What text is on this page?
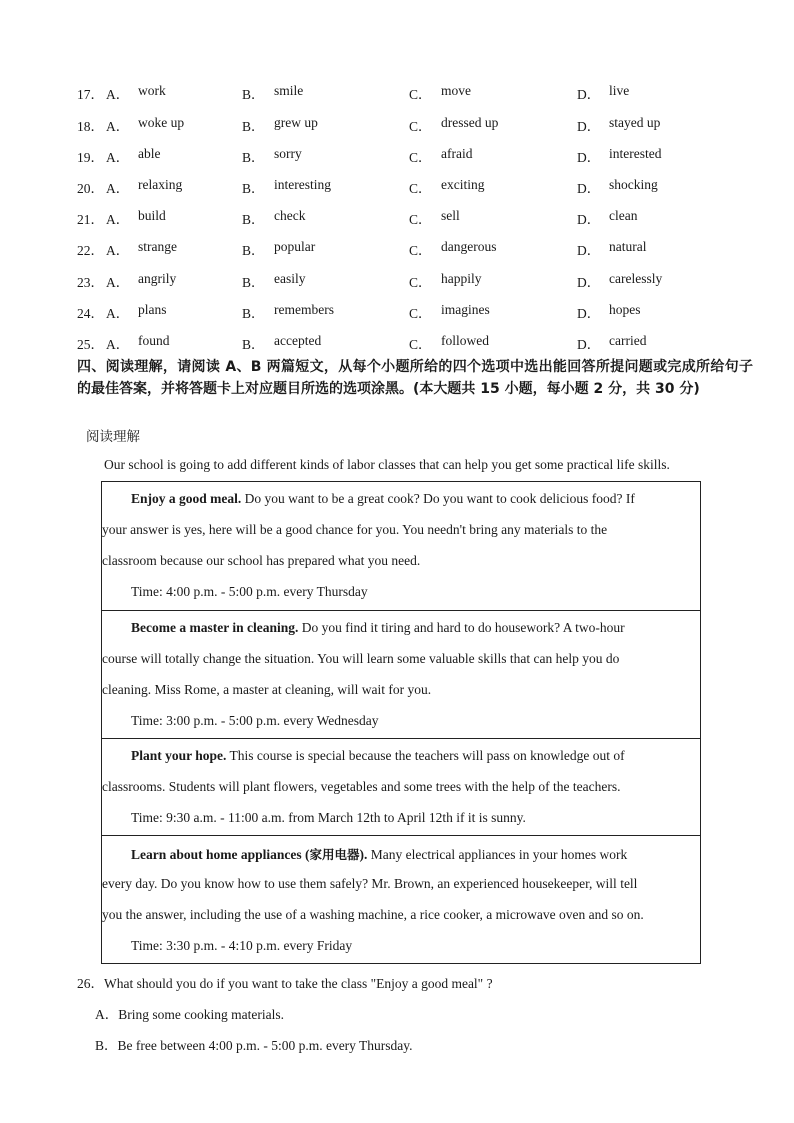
17． A． work	B． smile	C． move	D． live
18． A． woke up	B． grew up	C． dressed up	D． stayed up
19． A． able	B． sorry	C． afraid	D． interested
20． A． relaxing	B． interesting	C． exciting	D． shocking
21． A． build	B． check	C． sell	D． clean
22． A． strange	B． popular	C． dangerous	D． natural
23． A． angrily	B． easily	C． happily	D． carelessly
24． A． plans	B． remembers	C． imagines	D． hopes
25． A． found	B． accepted	C． followed	D． carried
四、阅读理解，请阅读 A、B 两篇短文，从每个小题所给的四个选项中选出能回答所提问题或完成所给句子 的最佳答案，并将答题卡上对应题目所选的选项涂黑。(本大题共 15 小题，每小题 2 分，共 30 分)
阅读理解
Our school is going to add different kinds of labor classes that can help you get some practical life skills.
Enjoy a good meal. Do you want to be a great cook? Do you want to cook delicious food? If
your answer is yes, here will be a good chance for you. You needn't bring any materials to the
classroom because our school has prepared what you need.
Time: 4:00 p.m. - 5:00 p.m. every Thursday
Become a master in cleaning. Do you find it tiring and hard to do housework? A two-hour
course will totally change the situation. You will learn some valuable skills that can help you do
cleaning. Miss Rome, a master at cleaning, will wait for you.
Time: 3:00 p.m. - 5:00 p.m. every Wednesday
Plant your hope. This course is special because the teachers will pass on knowledge out of
classrooms. Students will plant flowers, vegetables and some trees with the help of the teachers.
Time: 9:30 a.m. - 11:00 a.m. from March 12th to April 12th if it is sunny.
Learn about home appliances (家用电器). Many electrical appliances in your homes work
every day. Do you know how to use them safely? Mr. Brown, an experienced housekeeper, will tell
you the answer, including the use of a washing machine, a rice cooker, a microwave oven and so on.
Time: 3:30 p.m. - 4:10 p.m. every Friday
26．What should you do if you want to take the class "Enjoy a good meal" ?
A．Bring some cooking materials.
B．Be free between 4:00 p.m. - 5:00 p.m. every Thursday.
